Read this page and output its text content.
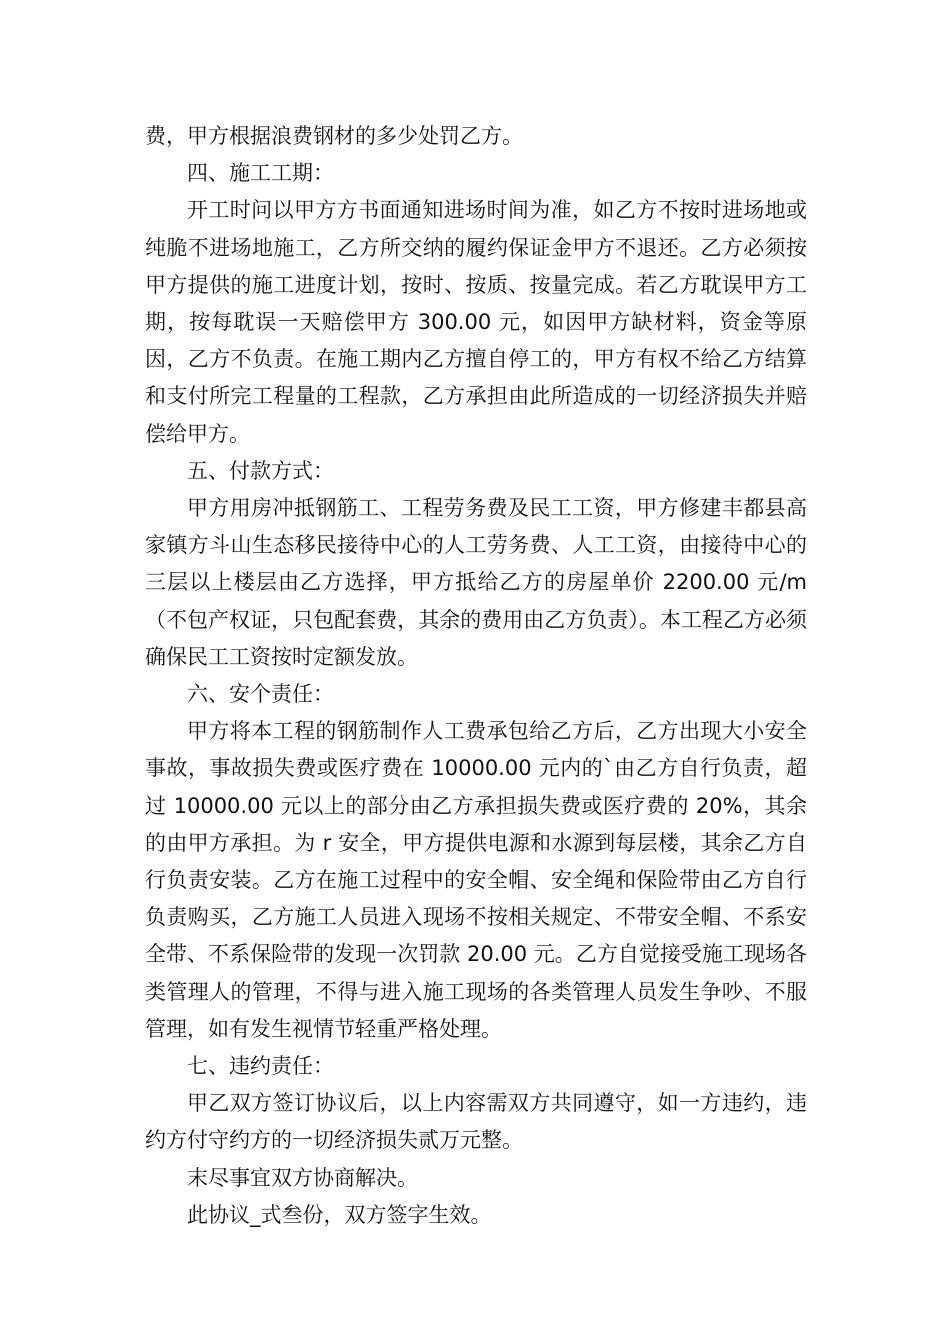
费，甲方根据浪费钢材的多少处罚乙方。

四、施工工期：

开工时问以甲方方书面通知进场时间为准，如乙方不按时进场地或纯脆不进场地施工，乙方所交纳的履约保证金甲方不退还。乙方必须按甲方提供的施工进度计划，按时、按质、按量完成。若乙方耽误甲方工期，按每耽误一天赔偿甲方 300.00 元，如因甲方缺材料，资金等原因，乙方不负责。在施工期内乙方擅自停工的，甲方有权不给乙方结算和支付所完工程量的工程款，乙方承担由此所造成的一切经济损失并赔偿给甲方。

五、付款方式：

甲方用房冲抵钢筋工、工程劳务费及民工工资，甲方修建丰都县高家镇方斗山生态移民接待中心的人工劳务费、人工工资，由接待中心的三层以上楼层由乙方选择，甲方抵给乙方的房屋单价 2200.00 元/m（不包产权证，只包配套费，其余的费用由乙方负责）。本工程乙方必须确保民工工资按时定额发放。

六、安个责任：

甲方将本工程的钢筋制作人工费承包给乙方后，乙方出现大小安全事故，事故损失费或医疗费在 10000.00 元内的`由乙方自行负责，超过 10000.00 元以上的部分由乙方承担损失费或医疗费的 20%，其余的由甲方承担。为 r 安全，甲方提供电源和水源到每层楼，其余乙方自行负责安装。乙方在施工过程中的安全帽、安全绳和保险带由乙方自行负责购买，乙方施工人员进入现场不按相关规定、不带安全帽、不系安全带、不系保险带的发现一次罚款 20.00 元。乙方自觉接受施工现场各类管理人的管理，不得与进入施工现场的各类管理人员发生争吵、不服管理，如有发生视情节轻重严格处理。

七、违约责任：

甲乙双方签订协议后，以上内容需双方共同遵守，如一方违约，违约方付守约方的一切经济损失贰万元整。

末尽事宜双方协商解决。

此协议_式叁份，双方签字生效。
